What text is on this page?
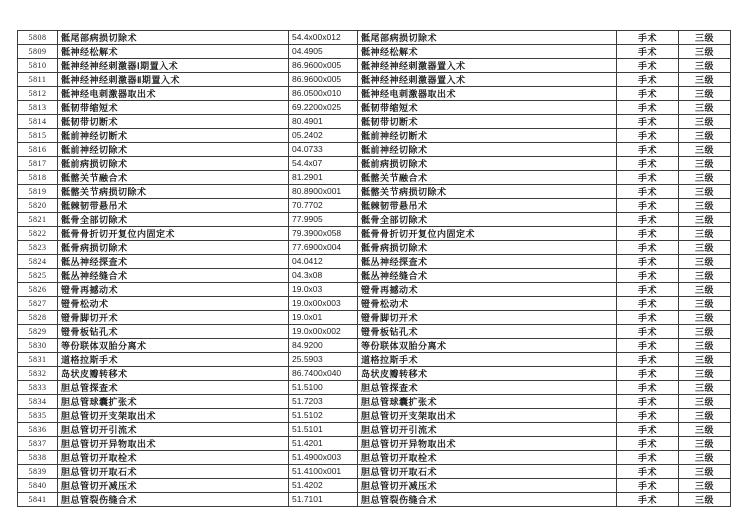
5808	骶尾部病损切除术	54.4x00x012	骶尾部病损切除术	手术	三级
5809	骶神经松解术	04.4905	骶神经松解术	手术	三级
5810	骶神经神经刺激器Ⅰ期置入术	86.9600x005	骶神经神经刺激器置入术	手术	三级
5811	骶神经神经刺激器Ⅱ期置入术	86.9600x005	骶神经神经刺激器置入术	手术	三级
5812	骶神经电刺激器取出术	86.0500x010	骶神经电刺激器取出术	手术	三级
5813	骶韧带缩短术	69.2200x025	骶韧带缩短术	手术	三级
5814	骶韧带切断术	80.4901	骶韧带切断术	手术	三级
5815	骶前神经切断术	05.2402	骶前神经切断术	手术	三级
5816	骶前神经切除术	04.0733	骶前神经切除术	手术	三级
5817	骶前病损切除术	54.4x07	骶前病损切除术	手术	三级
5818	骶髂关节融合术	81.2901	骶髂关节融合术	手术	三级
5819	骶髂关节病损切除术	80.8900x001	骶髂关节病损切除术	手术	三级
5820	骶棘韧带悬吊术	70.7702	骶棘韧带悬吊术	手术	三级
5821	骶骨全部切除术	77.9905	骶骨全部切除术	手术	三级
5822	骶骨骨折切开复位内固定术	79.3900x058	骶骨骨折切开复位内固定术	手术	三级
5823	骶骨病损切除术	77.6900x004	骶骨病损切除术	手术	三级
5824	骶丛神经探查术	04.0412	骶丛神经探查术	手术	三级
5825	骶丛神经缝合术	04.3x08	骶丛神经缝合术	手术	三级
5826	镫骨再撼动术	19.0x03	镫骨再撼动术	手术	三级
5827	镫骨松动术	19.0x00x003	镫骨松动术	手术	三级
5828	镫骨脚切开术	19.0x01	镫骨脚切开术	手术	三级
5829	镫骨板钻孔术	19.0x00x002	镫骨板钻孔术	手术	三级
5830	等份联体双胎分离术	84.9200	等份联体双胎分离术	手术	三级
5831	道格拉斯手术	25.5903	道格拉斯手术	手术	三级
5832	岛状皮瓣转移术	86.7400x040	岛状皮瓣转移术	手术	三级
5833	胆总管探查术	51.5100	胆总管探查术	手术	三级
5834	胆总管球囊扩张术	51.7203	胆总管球囊扩张术	手术	三级
5835	胆总管切开支架取出术	51.5102	胆总管切开支架取出术	手术	三级
5836	胆总管切开引流术	51.5101	胆总管切开引流术	手术	三级
5837	胆总管切开异物取出术	51.4201	胆总管切开异物取出术	手术	三级
5838	胆总管切开取栓术	51.4900x003	胆总管切开取栓术	手术	三级
5839	胆总管切开取石术	51.4100x001	胆总管切开取石术	手术	三级
5840	胆总管切开减压术	51.4202	胆总管切开减压术	手术	三级
5841	胆总管裂伤缝合术	51.7101	胆总管裂伤缝合术	手术	三级
